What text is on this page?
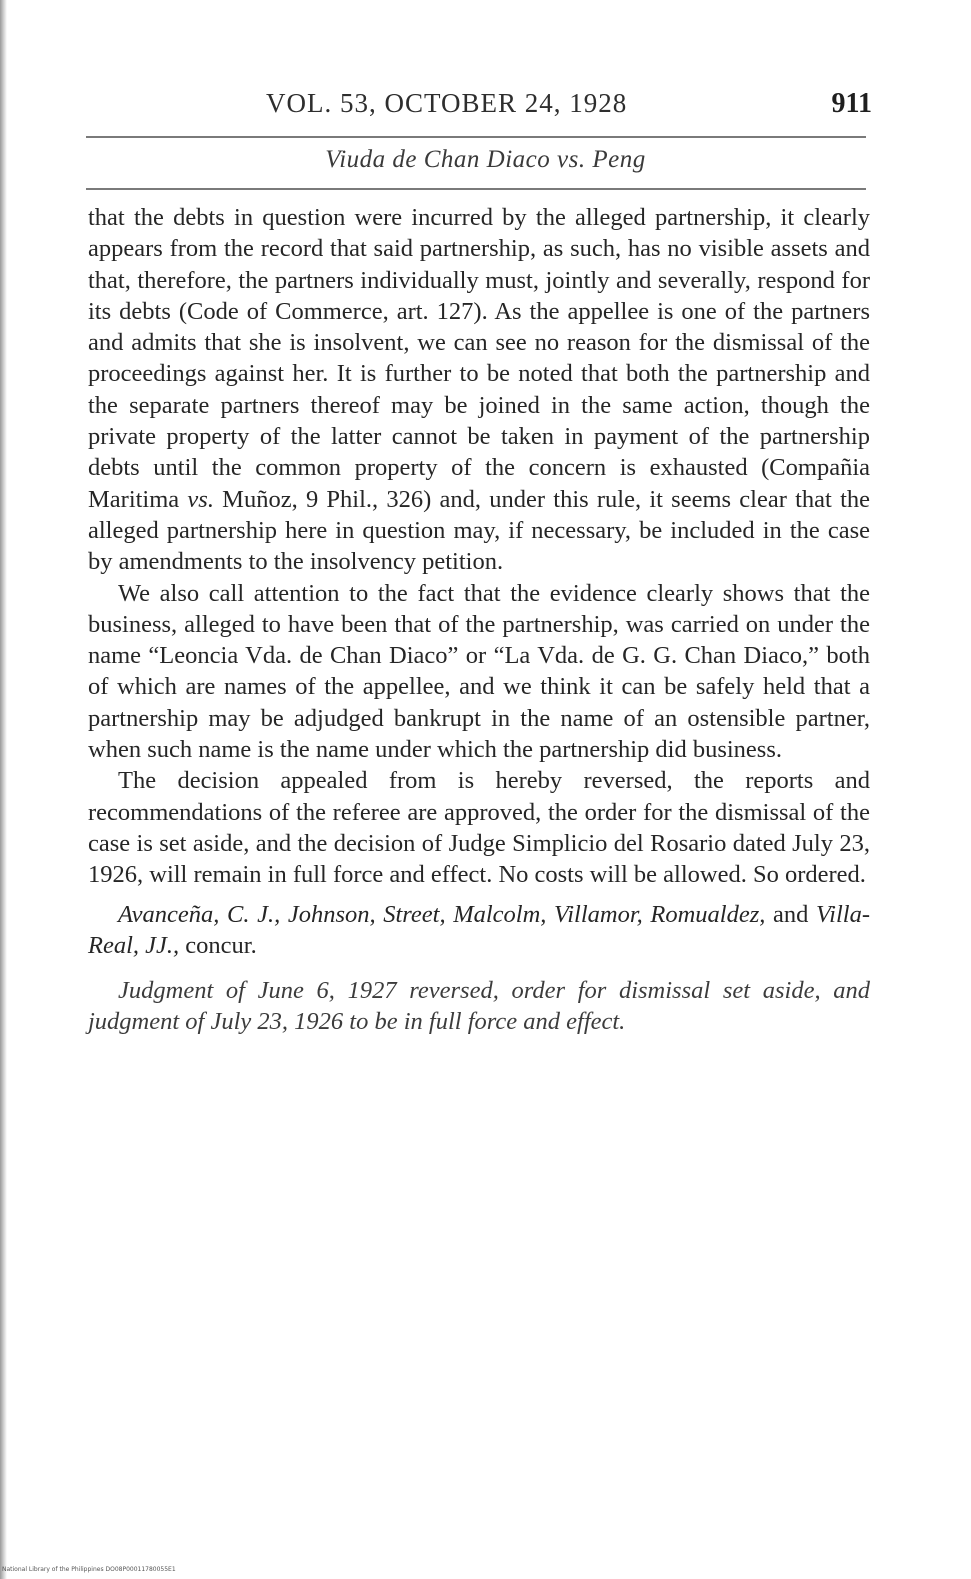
VOL. 53, OCTOBER 24, 1928	911
Viuda de Chan Diaco vs. Peng

that the debts in question were incurred by the alleged partnership, it clearly appears from the record that said partnership, as such, has no visible assets and that, therefore, the partners individually must, jointly and severally, respond for its debts (Code of Commerce, art. 127). As the appellee is one of the partners and admits that she is insolvent, we can see no reason for the dismissal of the proceedings against her. It is further to be noted that both the partnership and the separate partners thereof may be joined in the same action, though the private property of the latter cannot be taken in payment of the partnership debts until the common property of the concern is exhausted (Compañia Maritima vs. Muñoz, 9 Phil., 326) and, under this rule, it seems clear that the alleged partnership here in question may, if necessary, be included in the case by amendments to the insolvency petition.

We also call attention to the fact that the evidence clearly shows that the business, alleged to have been that of the partnership, was carried on under the name “Leoncia Vda. de Chan Diaco” or “La Vda. de G. G. Chan Diaco,” both of which are names of the appellee, and we think it can be safely held that a partnership may be adjudged bankrupt in the name of an ostensible partner, when such name is the name under which the partnership did business.

The decision appealed from is hereby reversed, the reports and recommendations of the referee are approved, the order for the dismissal of the case is set aside, and the decision of Judge Simplicio del Rosario dated July 23, 1926, will remain in full force and effect. No costs will be allowed. So ordered.

Avanceña, C. J., Johnson, Street, Malcolm, Villamor, Romualdez, and Villa-Real, JJ., concur.

Judgment of June 6, 1927 reversed, order for dismissal set aside, and judgment of July 23, 1926 to be in full force and effect.

National Library of the Philippines DO08P00011780055E1
